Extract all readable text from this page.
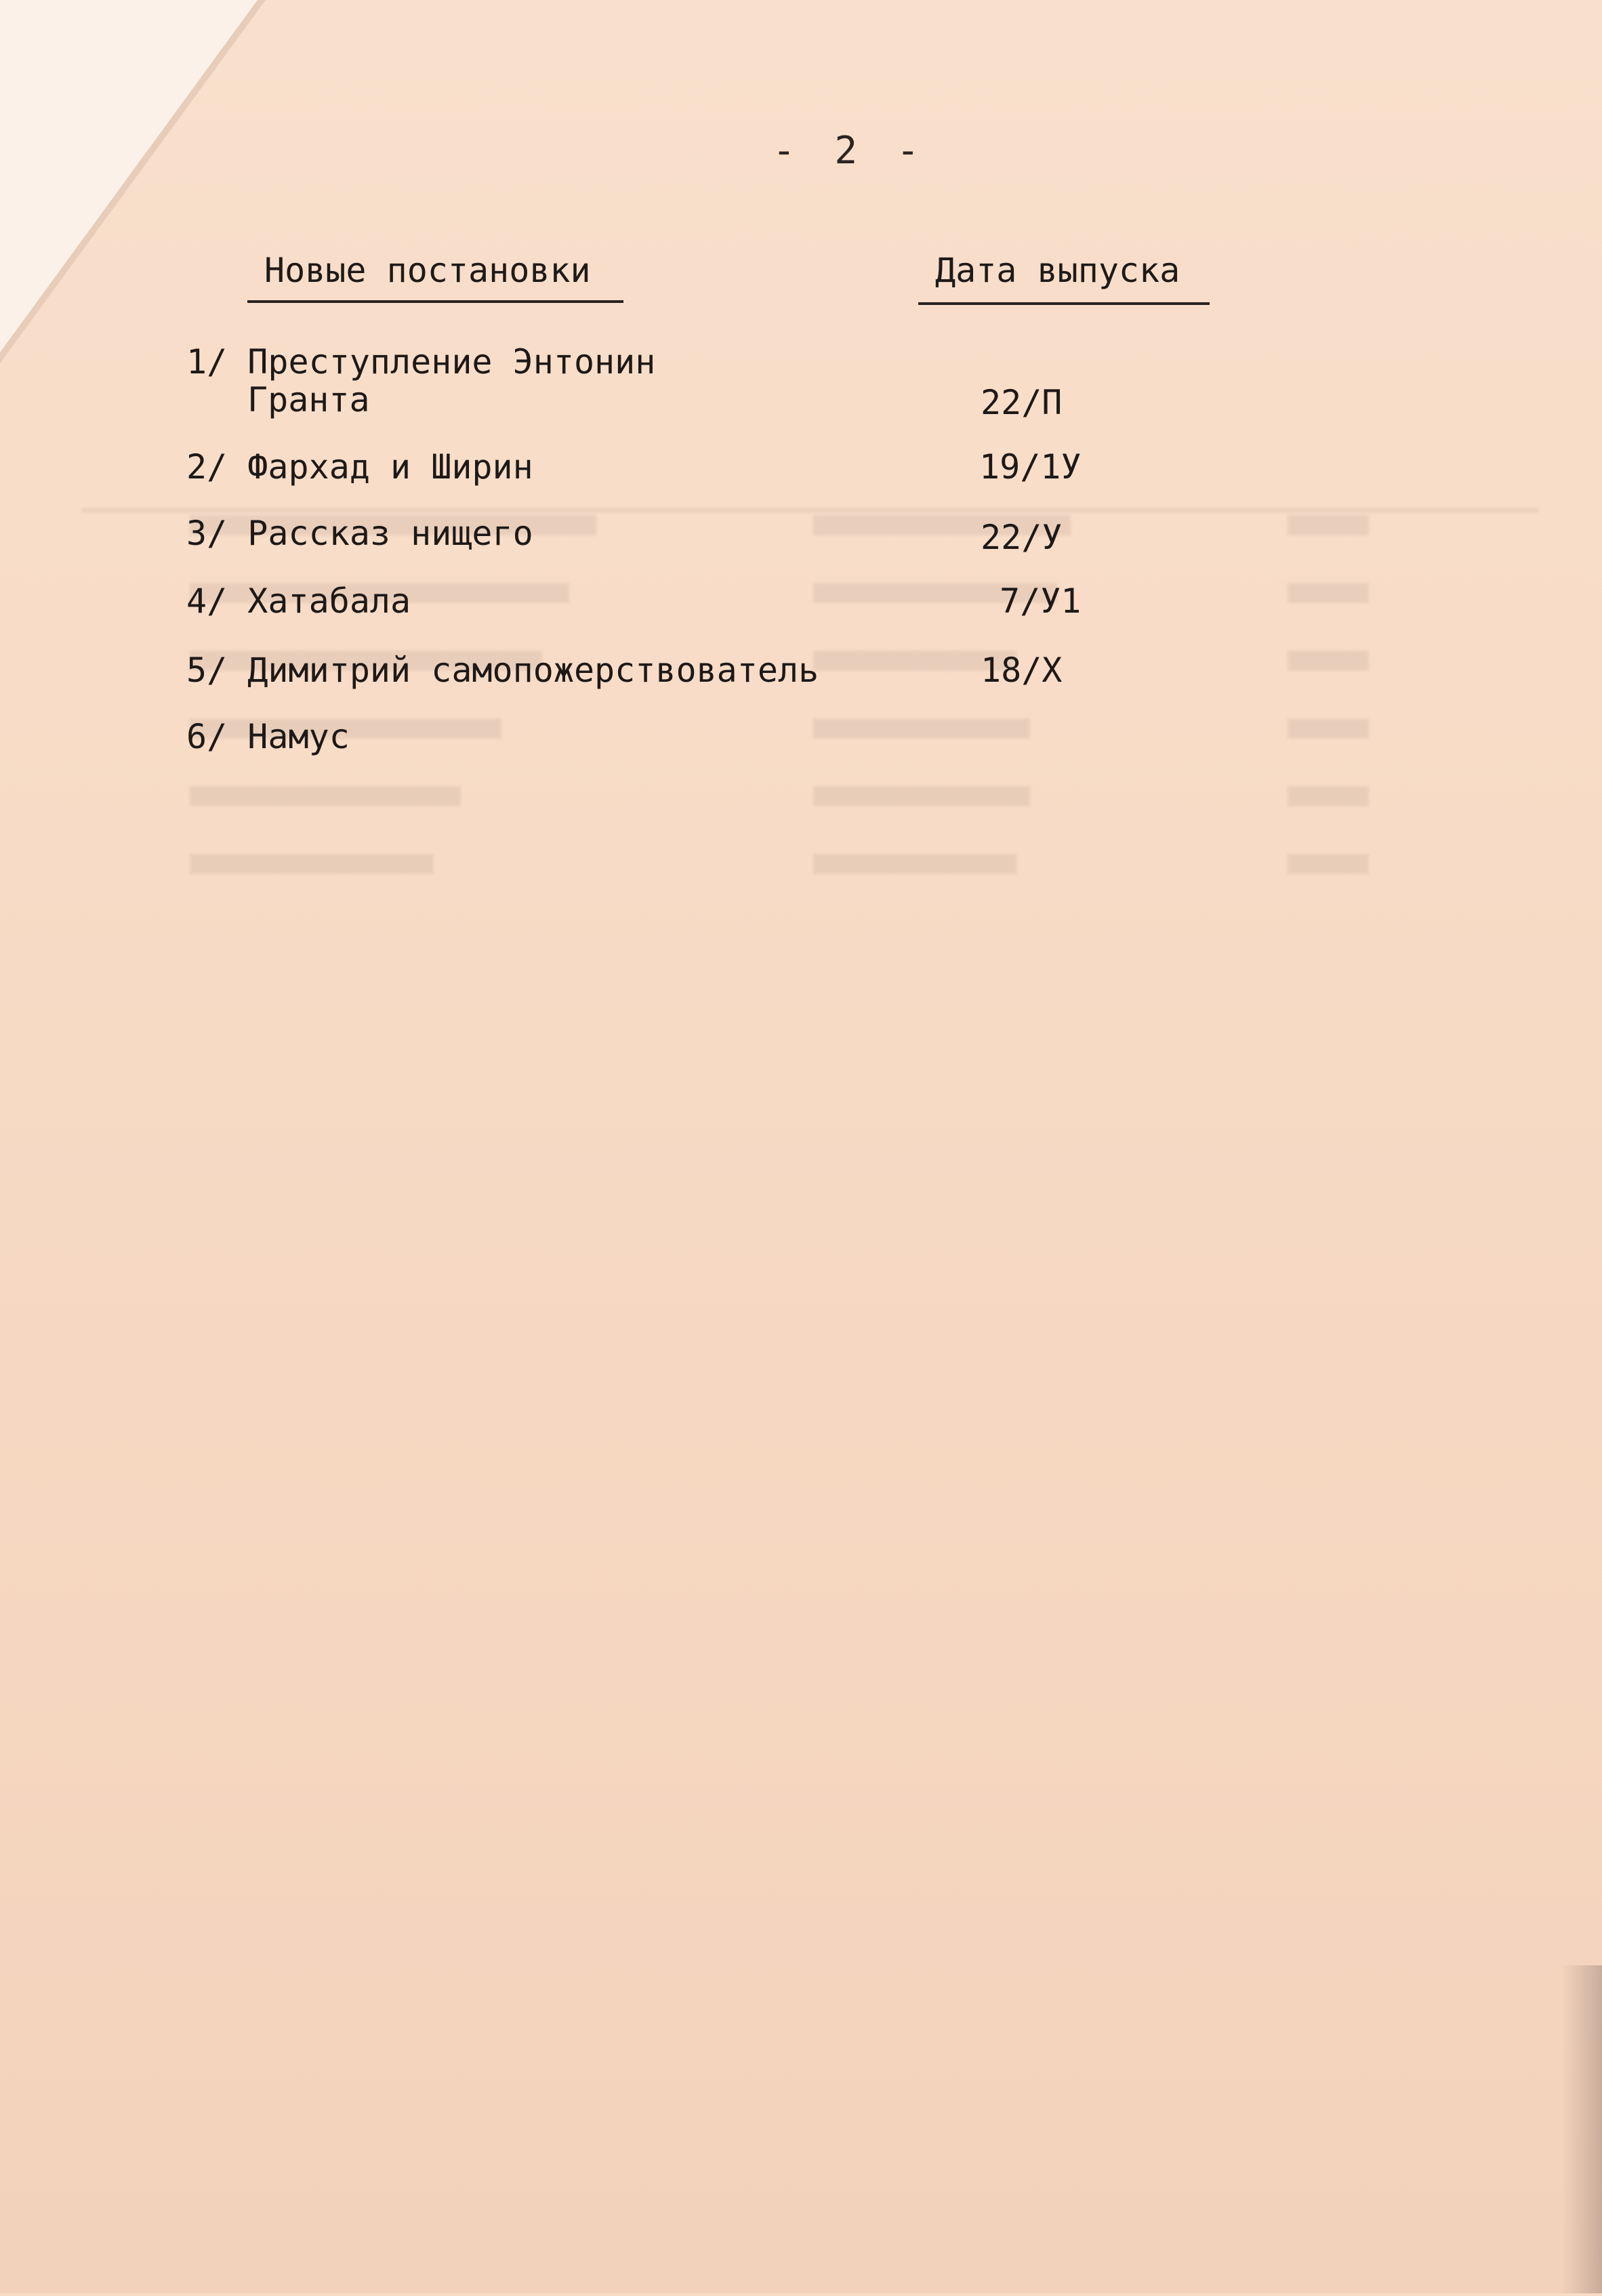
- 2 -
Новые постановки	Дата выпуска
1/ Преступление Энтонин
Гранта	22/П
2/ Фархад и Ширин	19/1У
3/ Рассказ нищего	22/У
4/ Хатабала	7/У1
5/ Димитрий самопожерствователь	18/Х
6/ Намус
